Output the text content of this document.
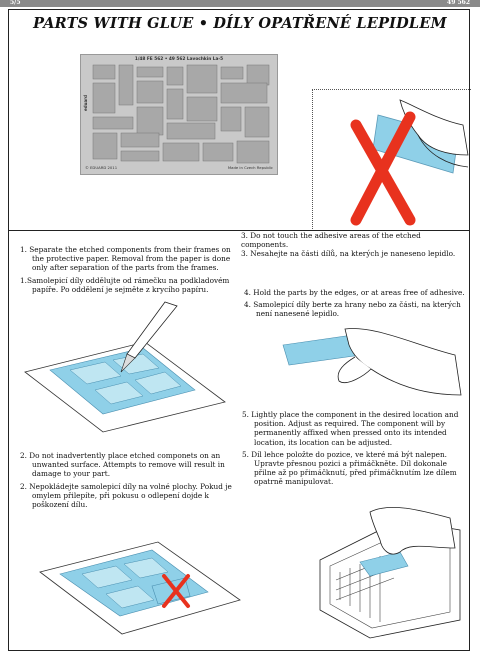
5/5	49 562
PARTS WITH GLUE • DÍLY OPATŘENÉ LEPIDLEM
1/48 FE 562 • 49 562 Lavochkin La-5
eduard
© EDUARD 2011	Made in Czech Republic

3. Do not touch the adhesive areas of the etched components.

3. Nesahejte na části dílů, na kterých je naneseno lepidlo.

1. Separate the etched components from their frames on the protective paper. Removal from the paper is done only after separation of the parts from the frames.

1.Samolepicí díly oddělujte od rámečku na podkladovém papíře. Po oddělení je sejměte z krycího papíru.	4. Hold the parts by the edges, or at areas free of adhesive.

4. Samolepicí díly berte za hrany nebo za části, na kterých není nanesené lepidlo.

5. Lightly place the component in the desired location and position. Adjust as required. The component will by permanently affixed when pressed onto its intended location, its location can be adjusted.

5. Díl lehce položte do pozice, ve které má být nalepen. Upravte přesnou pozici a přimáčkněte. Díl dokonale přilne až po přimáčknutí, před přimáčknutím lze dílem opatrně manipulovat.

2. Do not inadvertently place etched componets on an unwanted surface. Attempts to remove will result in damage to your part.

2. Nepokládejte samolepicí díly na volné plochy. Pokud je omylem přilepíte, při pokusu o odlepení dojde k poškození dílu.
